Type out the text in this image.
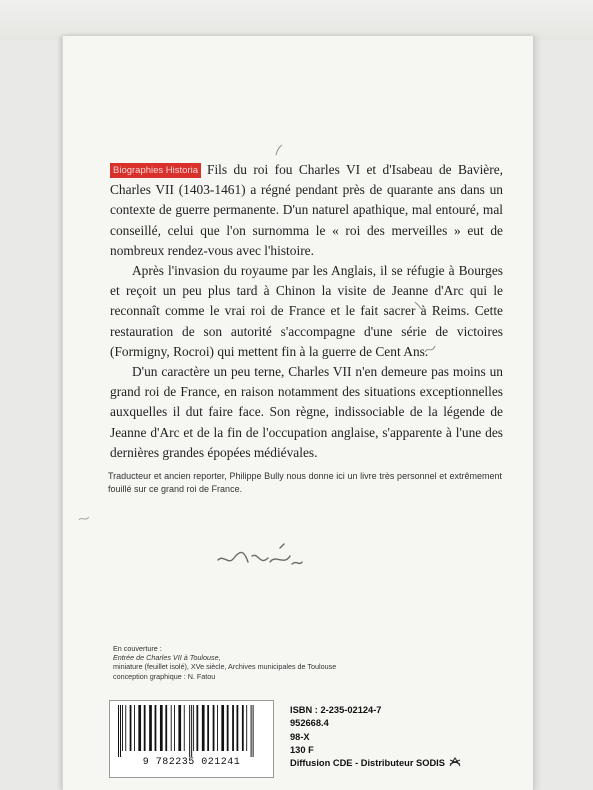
Biographies Historia Fils du roi fou Charles VI et d'Isabeau de Bavière, Charles VII (1403-1461) a régné pendant près de quarante ans dans un contexte de guerre permanente. D'un naturel apathique, mal entouré, mal conseillé, celui que l'on surnomma le « roi des merveilles » eut de nombreux rendez-vous avec l'histoire.

Après l'invasion du royaume par les Anglais, il se réfugie à Bourges et reçoit un peu plus tard à Chinon la visite de Jeanne d'Arc qui le reconnaît comme le vrai roi de France et le fait sacrer à Reims. Cette restauration de son autorité s'accompagne d'une série de victoires (Formigny, Rocroi) qui mettent fin à la guerre de Cent Ans.

D'un caractère un peu terne, Charles VII n'en demeure pas moins un grand roi de France, en raison notamment des situations exceptionnelles auxquelles il dut faire face. Son règne, indissociable de la légende de Jeanne d'Arc et de la fin de l'occupation anglaise, s'apparente à l'une des dernières grandes épopées médiévales.

Traducteur et ancien reporter, Philippe Bully nous donne ici un livre très personnel et extrêmement fouillé sur ce grand roi de France.
En couverture :
Entrée de Charles VII à Toulouse,
miniature (feuillet isolé), XVe siècle, Archives municipales de Toulouse
conception graphique : N. Fatou
9 782235 021241
ISBN : 2-235-02124-7
952668.4
98-X
130 F
Diffusion CDE - Distributeur SODIS
